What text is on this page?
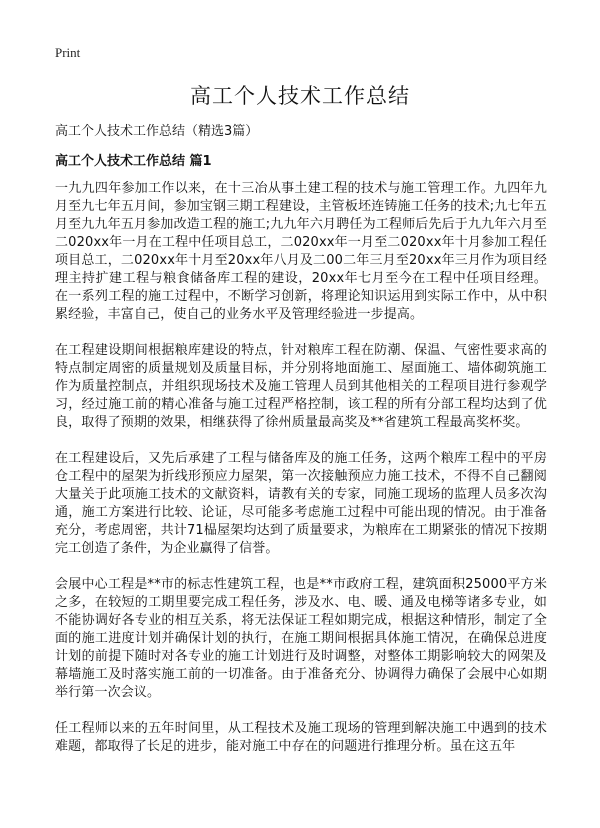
Print
高工个人技术工作总结

高工个人技术工作总结（精选3篇）

高工个人技术工作总结 篇1

一九九四年参加工作以来，在十三冶从事土建工程的技术与施工管理工作。九四年九月至九七年五月间，参加宝钢三期工程建设，主管板坯连铸施工任务的技术;九七年五月至九九年五月参加改造工程的施工;九九年六月聘任为工程师后先后于九九年六月至二020xx年一月在工程中任项目总工，二020xx年一月至二020xx年十月参加工程任项目总工，二020xx年十月至20xx年八月及二00二年三月至20xx年三月作为项目经理主持扩建工程与粮食储备库工程的建设，20xx年七月至今在工程中任项目经理。在一系列工程的施工过程中，不断学习创新，将理论知识运用到实际工作中，从中积累经验，丰富自己，使自己的业务水平及管理经验进一步提高。

在工程建设期间根据粮库建设的特点，针对粮库工程在防潮、保温、气密性要求高的特点制定周密的质量规划及质量目标，并分别将地面施工、屋面施工、墙体砌筑施工作为质量控制点，并组织现场技术及施工管理人员到其他相关的工程项目进行参观学习，经过施工前的精心准备与施工过程严格控制，该工程的所有分部工程均达到了优良，取得了预期的效果，相继获得了徐州质量最高奖及**省建筑工程最高奖杯奖。

在工程建设后，又先后承建了工程与储备库及的施工任务，这两个粮库工程中的平房仓工程中的屋架为折线形预应力屋架，第一次接触预应力施工技术，不得不自己翻阅大量关于此项施工技术的文献资料，请教有关的专家，同施工现场的监理人员多次沟通，施工方案进行比较、论证，尽可能多考虑施工过程中可能出现的情况。由于准备充分，考虑周密，共计71榀屋架均达到了质量要求，为粮库在工期紧张的情况下按期完工创造了条件，为企业赢得了信誉。

会展中心工程是**市的标志性建筑工程，也是**市政府工程，建筑面积25000平方米之多，在较短的工期里要完成工程任务，涉及水、电、暖、通及电梯等诸多专业，如不能协调好各专业的相互关系，将无法保证工程如期完成，根据这种情形，制定了全面的施工进度计划并确保计划的执行，在施工期间根据具体施工情况，在确保总进度计划的前提下随时对各专业的施工计划进行及时调整，对整体工期影响较大的网架及幕墙施工及时落实施工前的一切准备。由于准备充分、协调得力确保了会展中心如期举行第一次会议。

任工程师以来的五年时间里，从工程技术及施工现场的管理到解决施工中遇到的技术难题，都取得了长足的进步，能对施工中存在的问题进行推理分析。虽在这五年
